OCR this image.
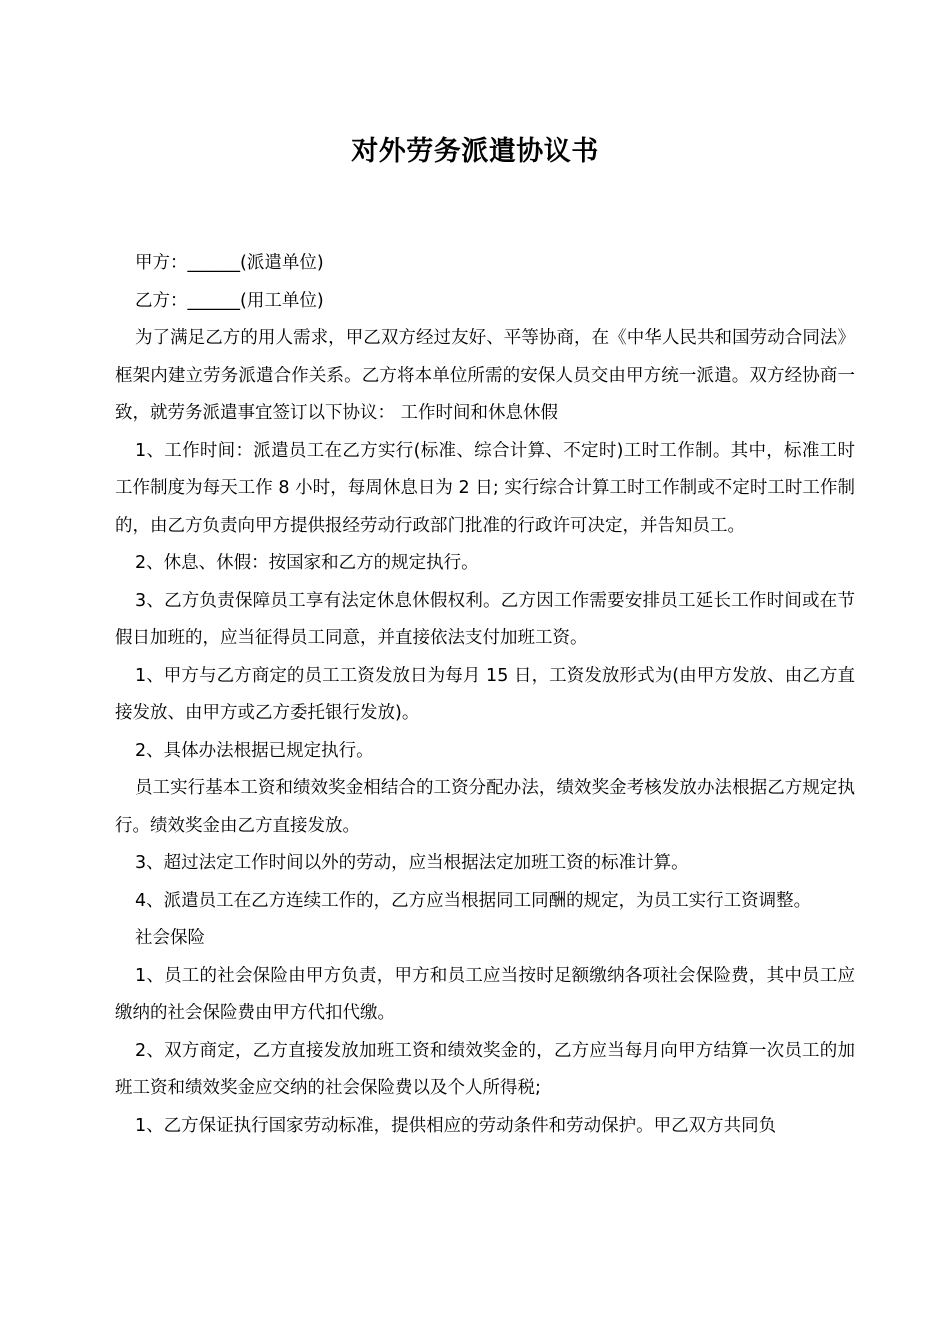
对外劳务派遣协议书

甲方：______(派遣单位)

乙方：______(用工单位)

为了满足乙方的用人需求，甲乙双方经过友好、平等协商，在《中华人民共和国劳动合同法》框架内建立劳务派遣合作关系。乙方将本单位所需的安保人员交由甲方统一派遣。双方经协商一致，就劳务派遣事宜签订以下协议： 工作时间和休息休假

1、工作时间：派遣员工在乙方实行(标准、综合计算、不定时)工时工作制。其中，标准工时工作制度为每天工作 8 小时，每周休息日为 2 日; 实行综合计算工时工作制或不定时工时工作制的，由乙方负责向甲方提供报经劳动行政部门批准的行政许可决定，并告知员工。

2、休息、休假：按国家和乙方的规定执行。

3、乙方负责保障员工享有法定休息休假权利。乙方因工作需要安排员工延长工作时间或在节假日加班的，应当征得员工同意，并直接依法支付加班工资。

1、甲方与乙方商定的员工工资发放日为每月 15 日，工资发放形式为(由甲方发放、由乙方直接发放、由甲方或乙方委托银行发放)。

2、具体办法根据已规定执行。

员工实行基本工资和绩效奖金相结合的工资分配办法，绩效奖金考核发放办法根据乙方规定执行。绩效奖金由乙方直接发放。

3、超过法定工作时间以外的劳动，应当根据法定加班工资的标准计算。

4、派遣员工在乙方连续工作的，乙方应当根据同工同酬的规定，为员工实行工资调整。

社会保险

1、员工的社会保险由甲方负责，甲方和员工应当按时足额缴纳各项社会保险费，其中员工应缴纳的社会保险费由甲方代扣代缴。

2、双方商定，乙方直接发放加班工资和绩效奖金的，乙方应当每月向甲方结算一次员工的加班工资和绩效奖金应交纳的社会保险费以及个人所得税;

1、乙方保证执行国家劳动标准，提供相应的劳动条件和劳动保护。甲乙双方共同负
